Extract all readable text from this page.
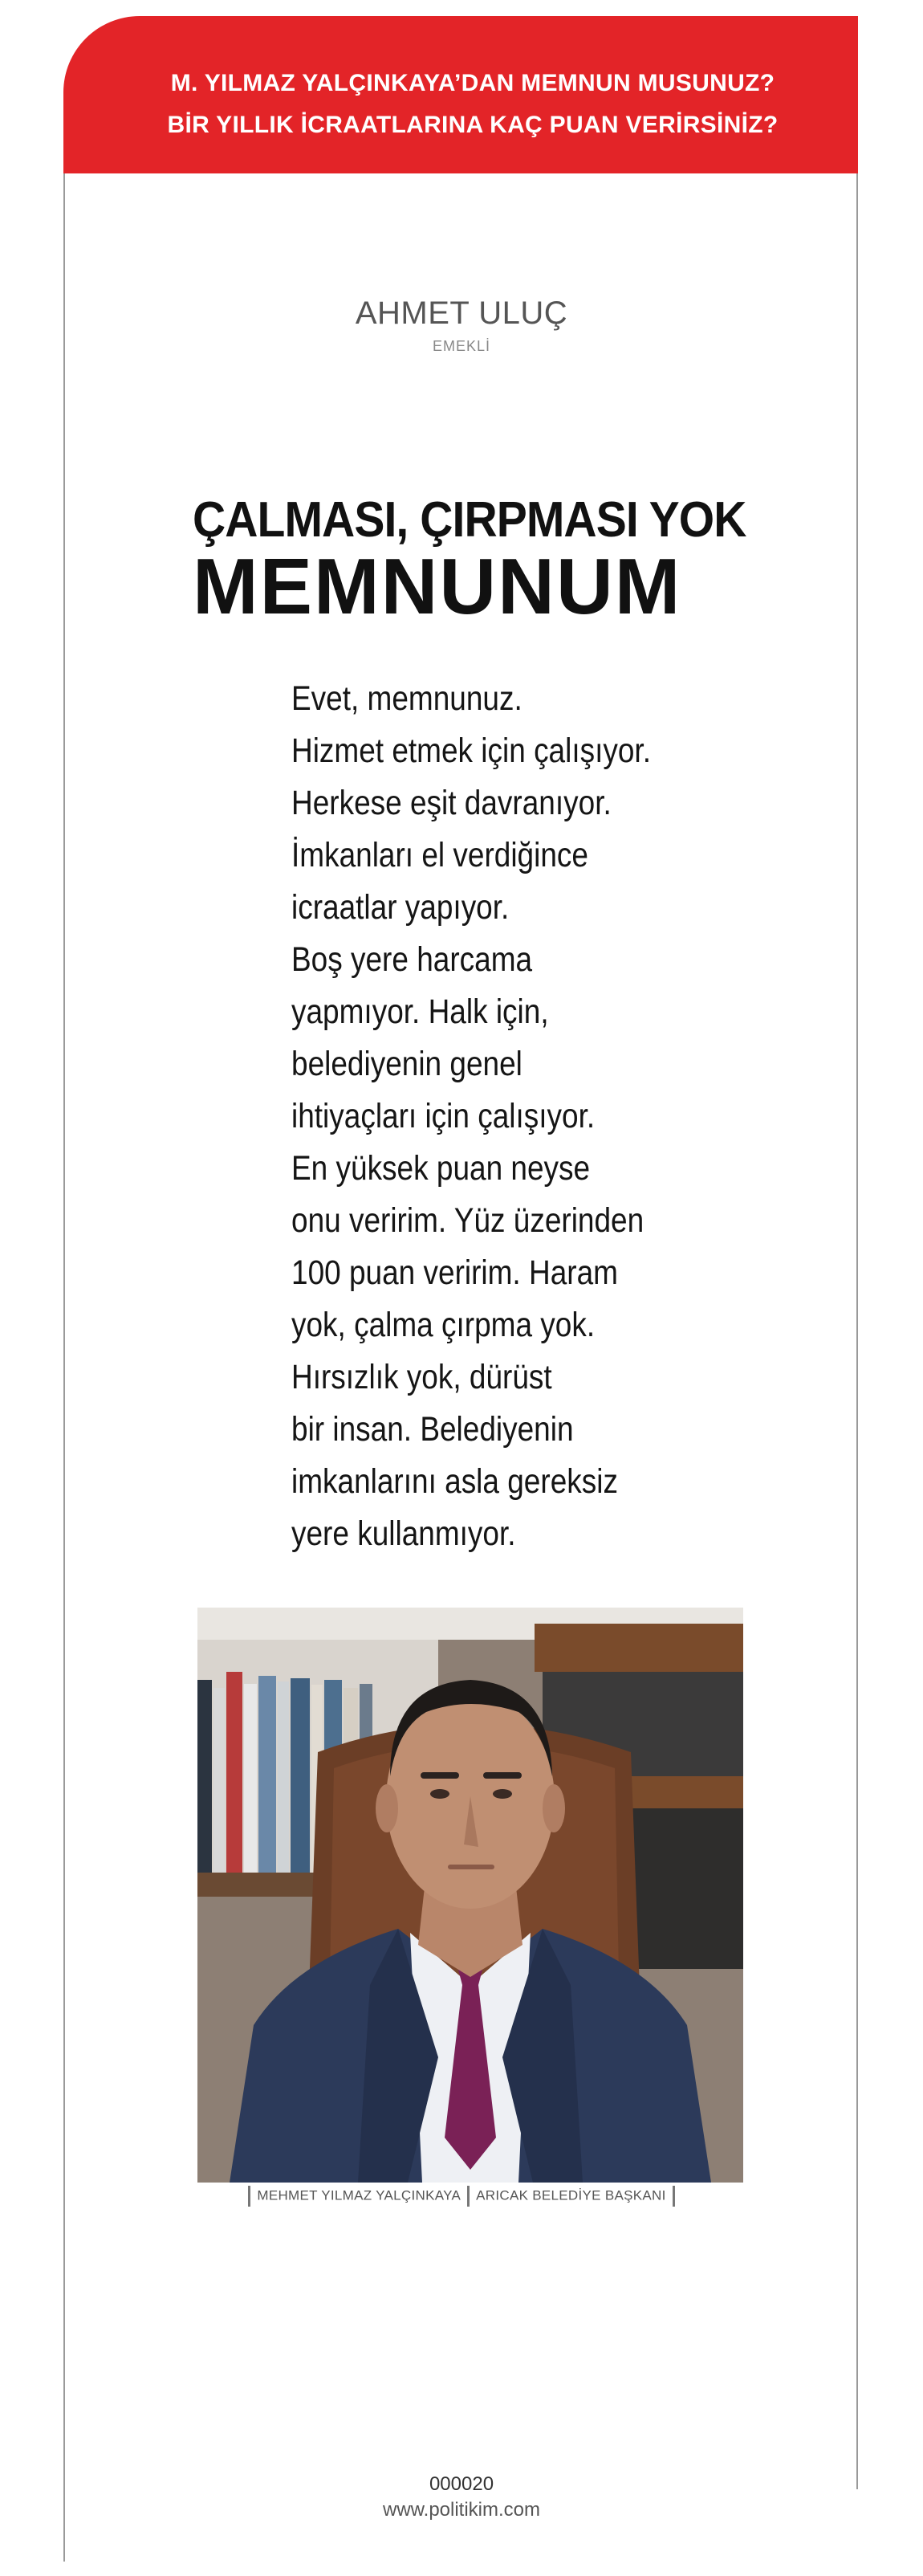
M. YILMAZ YALÇINKAYA’DAN MEMNUN MUSUNUZ?
BİR YILLIK İCRAATLARINA KAÇ PUAN VERİRSİNİZ?
AHMET ULUÇ
EMEKLİ
ÇALMASI, ÇIRPMASI YOK
MEMNUNUM
Evet, memnunuz.
Hizmet etmek için çalışıyor.
Herkese eşit davranıyor.
İmkanları el verdiğince
icraatlar yapıyor.
Boş yere harcama
yapmıyor. Halk için,
belediyenin genel
ihtiyaçları için çalışıyor.
En yüksek puan neyse
onu veririm. Yüz üzerinden
100 puan veririm. Haram
yok, çalma çırpma yok.
Hırsızlık yok, dürüst
bir insan. Belediyenin
imkanlarını asla gereksiz
yere kullanmıyor.
MEHMET YILMAZ YALÇINKAYA ARICAK BELEDİYE BAŞKANI
000020
www.politikim.com
